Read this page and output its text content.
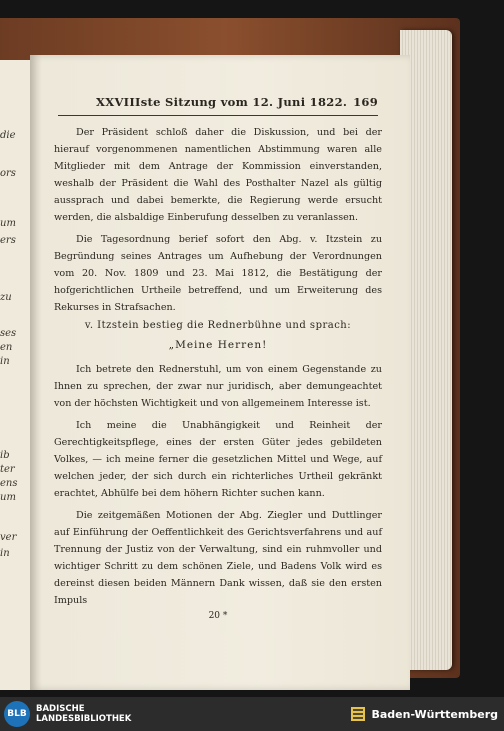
die
ors
um
ers
zu
ses
en
in
ib
ter
ens
um
ver
in
XXVIIIste Sitzung vom 12. Juni 1822. 169

Der Präsident schloß daher die Diskussion, und bei der hierauf vorgenommenen namentlichen Abstimmung waren alle Mitglieder mit dem Antrage der Kommission einverstanden, weshalb der Präsident die Wahl des Posthalter Nazel als gültig aussprach und dabei bemerkte, die Regierung werde ersucht werden, die alsbaldige Einberufung desselben zu veranlassen.

Die Tagesordnung berief sofort den Abg. v. Itzstein zu Begründung seines Antrages um Aufhebung der Verordnungen vom 20. Nov. 1809 und 23. Mai 1812, die Bestätigung der hofgerichtlichen Urtheile betreffend, und um Erweiterung des Rekurses in Strafsachen.

v. Itzstein bestieg die Rednerbühne und sprach:
„Meine Herren!

Ich betrete den Rednerstuhl, um von einem Gegenstande zu Ihnen zu sprechen, der zwar nur juridisch, aber demungeachtet von der höchsten Wichtigkeit und von allgemeinem Interesse ist.

Ich meine die Unabhängigkeit und Reinheit der Gerechtigkeitspflege, eines der ersten Güter jedes gebildeten Volkes, — ich meine ferner die gesetzlichen Mittel und Wege, auf welchen jeder, der sich durch ein richterliches Urtheil gekränkt erachtet, Abhülfe bei dem höhern Richter suchen kann.

Die zeitgemäßen Motionen der Abg. Ziegler und Duttlinger auf Einführung der Oeffentlichkeit des Gerichtsverfahrens und auf Trennung der Justiz von der Verwaltung, sind ein ruhmvoller und wichtiger Schritt zu dem schönen Ziele, und Badens Volk wird es dereinst diesen beiden Männern Dank wissen, daß sie den ersten Impuls

20 *
BLB	BADISCHE
LANDESBIBLIOTHEK	Baden-Württemberg
